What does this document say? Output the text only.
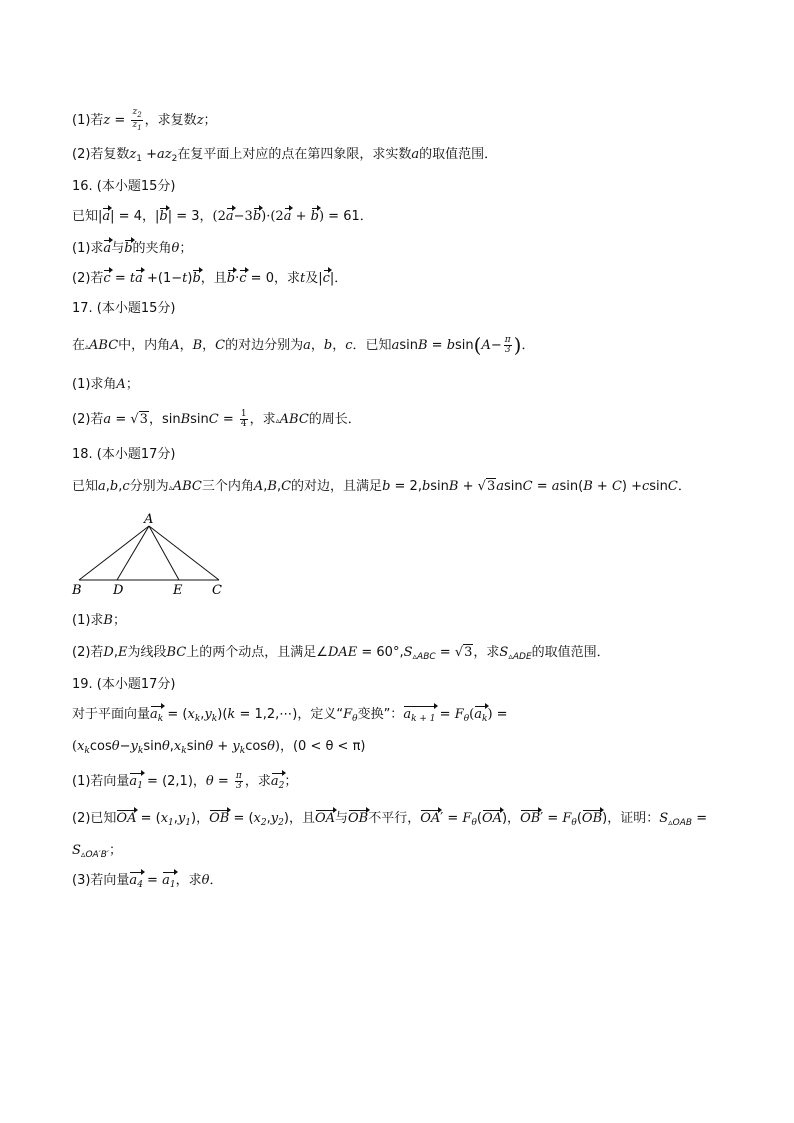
(1)若$z = \frac{z_2}{z_1}$ ，求复数z；
(2)若复数$z_1 +az_2$在复平面上对应的点在第四象限，求实数a的取值范围．
16. (本小题15分)
已知|a| = 4，|b| = 3，(2a−3b)·(2a + b) = 61．
(1)求a与b的夹角θ；
(2)若c = ta +(1−t)b，且b·c = 0，求t及|c|．
17. (本小题15分)
在▵ABC中，内角A，B，C的对边分别为a，b，c．已知$asinB = bsin(A- \frac{\pi}{3}$ )．
(1)求角A；
(2)若a = √3，sinBsinC = $\frac{1}{4}$ ，求▵ABC的周长．
18. (本小题17分)
已知a,b,c分别为▵ABC三个内角A,B,C的对边，且满足b = 2,bsinB + √3asinC = asin(B + C) +csinC．
A
B D	E C
(1)求B；
(2)若D,E为线段BC上的两个动点，且满足∠DAE = $60^\circ,S_{▵ABC} = √3$，求$S_{▵ADE}$的取值范围．
19. (本小题17分)
对于平面向量$a_k = (x_k,y_k)(k$ = 1,2,⋯)，定义“$F_\theta$变换”：$a_{k + 1} = F_\theta(a_k)$ =
$(x_k\cos\theta-y_k\sin\theta,x_k\sin\theta + y_k\cos\theta)$，(0 < θ < π)
(1)若向量$a_1 = (2,1)$，$\theta = \frac{\pi}{3}$ ，求$a_2$；
(2)已知OA = $(x_1,y_1)$，OB = $(x_2,y_2)$，且OA与OB不平行，$OA' = F_\theta(OA)$，$OB' = F_\theta(OB)$，证明：$S_{▵OAB}$ =
$S_{▵OA'B'}$；
(3)若向量$a_4 = a_1$，求θ．
